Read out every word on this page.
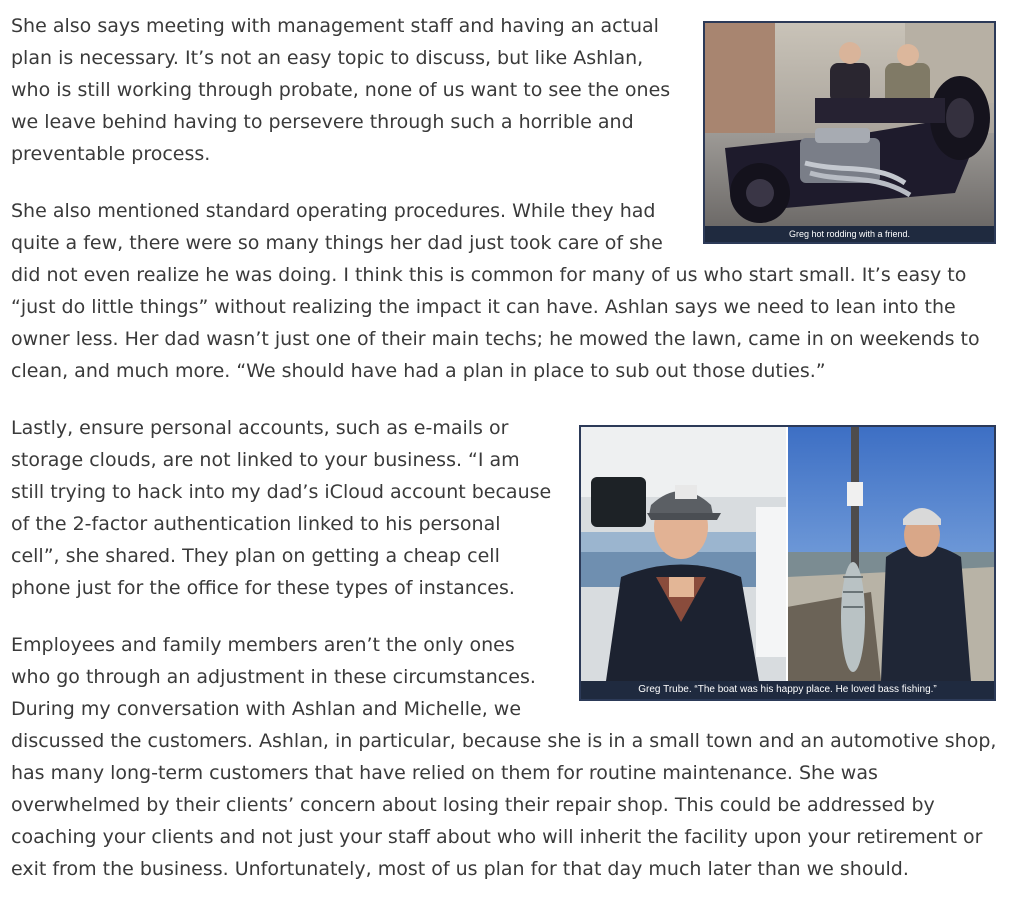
Greg hot rodding with a friend.

She also says meeting with management staff and having an actual plan is necessary. It’s not an easy topic to discuss, but like Ashlan, who is still working through probate, none of us want to see the ones we leave behind having to persevere through such a horrible and preventable process.

She also mentioned standard operating procedures. While they had quite a few, there were so many things her dad just took care of she did not even realize he was doing. I think this is common for many of us who start small. It’s easy to “just do little things” without realizing the impact it can have. Ashlan says we need to lean into the owner less. Her dad wasn’t just one of their main techs; he mowed the lawn, came in on weekends to clean, and much more. “We should have had a plan in place to sub out those duties.”

Greg Trube. “The boat was his happy place. He loved bass fishing.”

Lastly, ensure personal accounts, such as e-mails or storage clouds, are not linked to your business. “I am still trying to hack into my dad’s iCloud account because of the 2-factor authentication linked to his personal cell”, she shared. They plan on getting a cheap cell phone just for the office for these types of instances.

Employees and family members aren’t the only ones who go through an adjustment in these circumstances. During my conversation with Ashlan and Michelle, we discussed the customers. Ashlan, in particular, because she is in a small town and an automotive shop, has many long-term customers that have relied on them for routine maintenance. She was overwhelmed by their clients’ concern about losing their repair shop. This could be addressed by coaching your clients and not just your staff about who will inherit the facility upon your retirement or exit from the business. Unfortunately, most of us plan for that day much later than we should.
